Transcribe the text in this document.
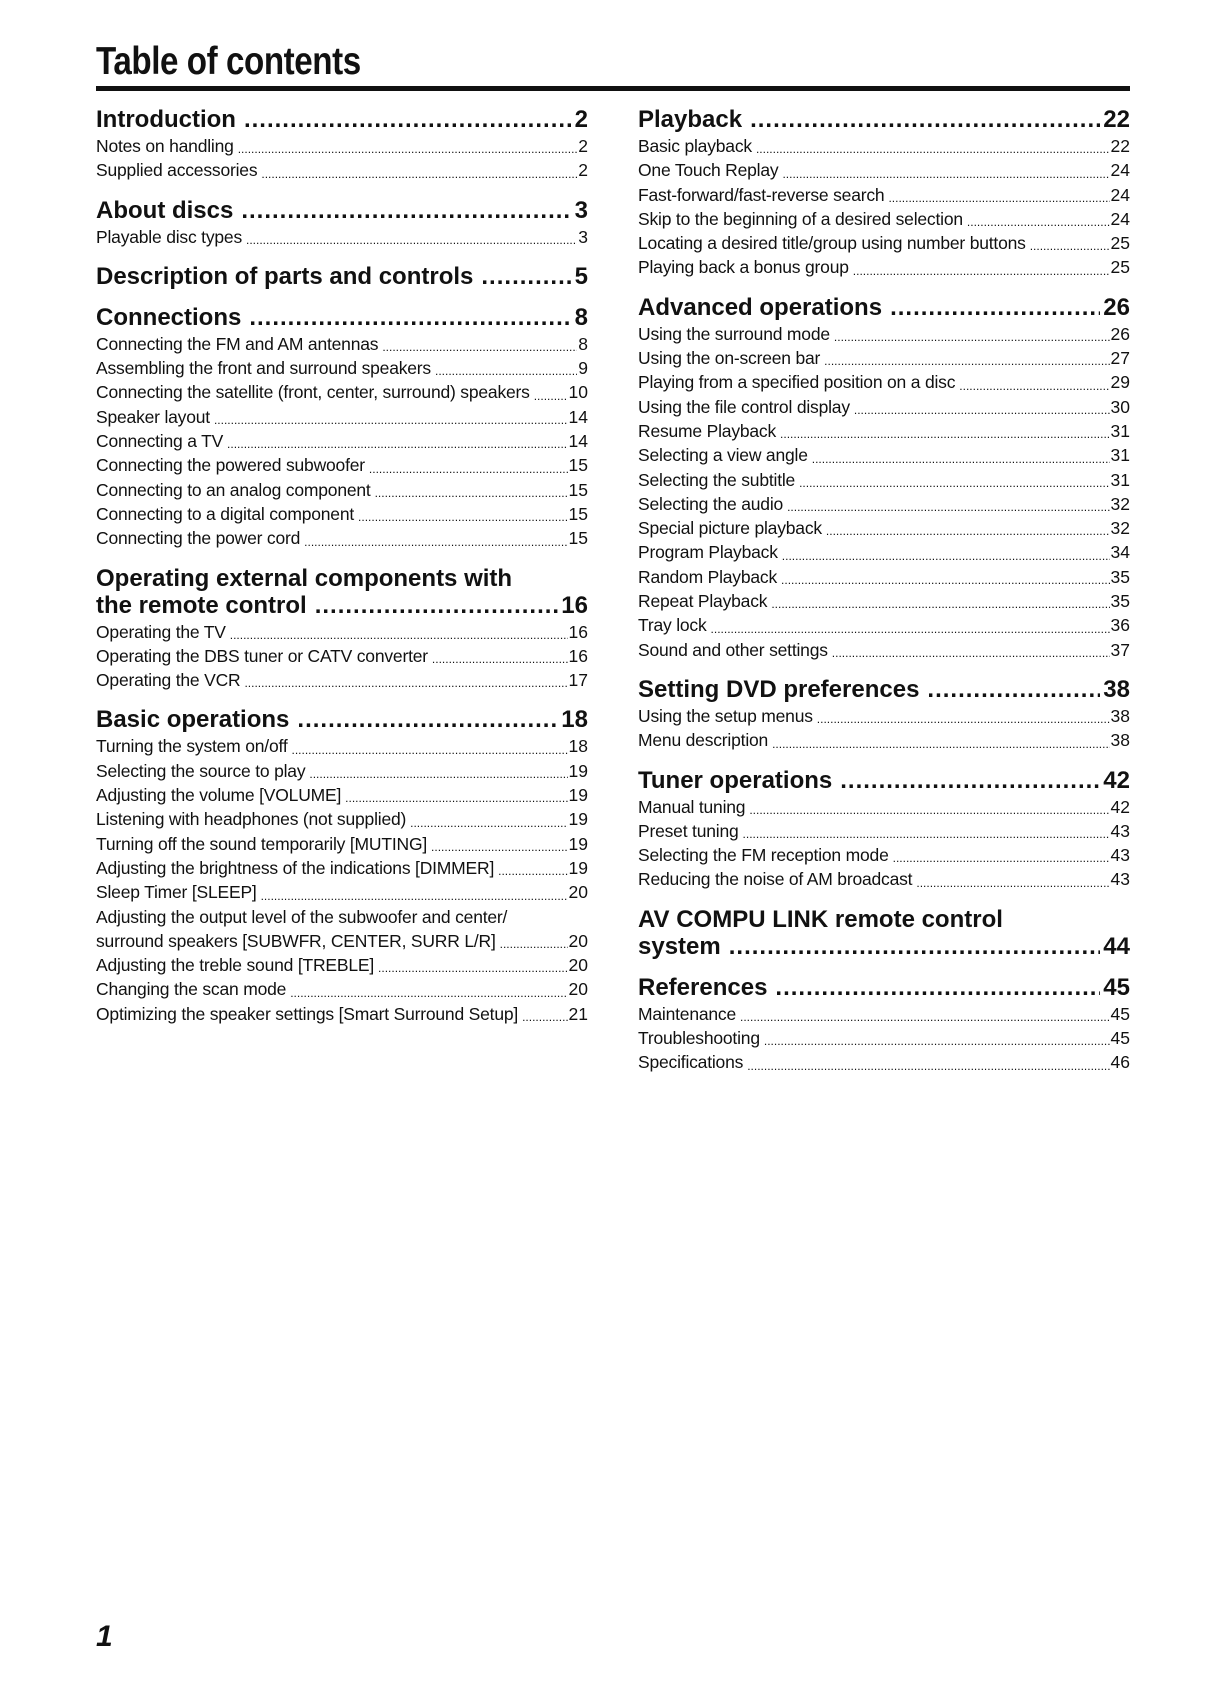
Table of contents
Introduction .....	2
Notes on handling .....	2
Supplied accessories .....	2
About discs .....	3
Playable disc types .....	3
Description of parts and controls .....	5
Connections .....	8
Connecting the FM and AM antennas .....	8
Assembling the front and surround speakers .....	9
Connecting the satellite (front, center, surround) speakers ..... 10
Speaker layout .....	14
Connecting a TV .....	14
Connecting the powered subwoofer .....	15
Connecting to an analog component .....	15
Connecting to a digital component .....	15
Connecting the power cord .....	15
Operating external components with
the remote control .....	16
Operating the TV .....	16
Operating the DBS tuner or CATV converter .....	16
Operating the VCR .....	17
Basic operations .....	18
Turning the system on/off .....	18
Selecting the source to play .....	19
Adjusting the volume [VOLUME] .....	19
Listening with headphones (not supplied) .....	19
Turning off the sound temporarily [MUTING] .....	19
Adjusting the brightness of the indications [DIMMER] .....	19
Sleep Timer [SLEEP] .....	20
Adjusting the output level of the subwoofer and center/
surround speakers [SUBWFR, CENTER, SURR L/R] .....	20
Adjusting the treble sound [TREBLE] .....	20
Changing the scan mode .....	20
Optimizing the speaker settings [Smart Surround Setup] .....	21
Playback .....	22
Basic playback .....	22
One Touch Replay .....	24
Fast-forward/fast-reverse search .....	24
Skip to the beginning of a desired selection .....	24
Locating a desired title/group using number buttons .....	25
Playing back a bonus group .....	25
Advanced operations .....	26
Using the surround mode .....	26
Using the on-screen bar .....	27
Playing from a specified position on a disc .....	29
Using the file control display .....	30
Resume Playback .....	31
Selecting a view angle .....	31
Selecting the subtitle .....	31
Selecting the audio .....	32
Special picture playback .....	32
Program Playback .....	34
Random Playback .....	35
Repeat Playback .....	35
Tray lock .....	36
Sound and other settings .....	37
Setting DVD preferences .....	38
Using the setup menus .....	38
Menu description .....	38
Tuner operations .....	42
Manual tuning .....	42
Preset tuning .....	43
Selecting the FM reception mode .....	43
Reducing the noise of AM broadcast .....	43
AV COMPU LINK remote control
system .....	44
References .....	45
Maintenance .....	45
Troubleshooting .....	45
Specifications .....	46
1
